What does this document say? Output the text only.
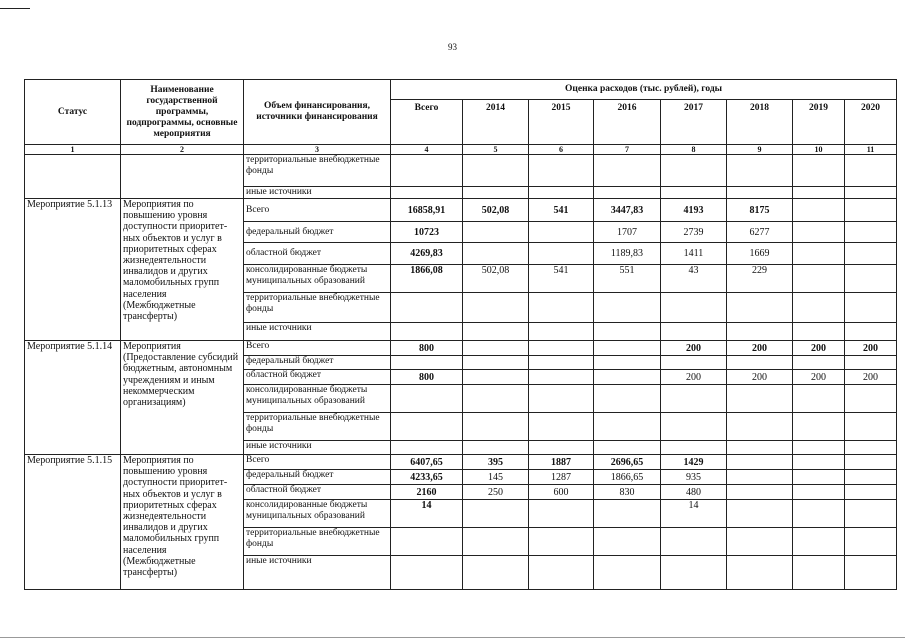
93
Статус	Наименование государственной программы, подпрограммы, основные мероприятия	Объем финансирования, источники финансирования	Оценка расходов (тыс. рублей), годы							
			Всего	2014	2015	2016	2017	2018	2019	2020
1	2	3	4	5	6	7	8	9	10	11
		территориальные внебюджетные фонды								
		иные источники								
Мероприятие 5.1.13	Мероприятия по повышению уровня доступности приоритет-ных объектов и услуг в приоритетных сферах жизнедеятельности инвалидов и других маломобильных групп населения (Межбюджетные трансферты)	Всего	16858,91	502,08	541	3447,83	4193	8175		
		федеральный бюджет	10723			1707	2739	6277		
		областной бюджет	4269,83			1189,83	1411	1669		
		консолидированные бюджеты муниципальных образований	1866,08	502,08	541	551	43	229		
		территориальные внебюджетные фонды								
		иные источники								
Мероприятие 5.1.14	Мероприятия (Предоставление субсидий бюджетным, автономным учреждениям и иным некоммерческим организациям)	Всего	800				200	200	200	200
		федеральный бюджет								
		областной бюджет	800				200	200	200	200
		консолидированные бюджеты муниципальных образований								
		территориальные внебюджетные фонды								
		иные источники								
Мероприятие 5.1.15	Мероприятия по повышению уровня доступности приоритет-ных объектов и услуг в приоритетных сферах жизнедеятельности инвалидов и других маломобильных групп населения (Межбюджетные трансферты)	Всего	6407,65	395	1887	2696,65	1429			
		федеральный бюджет	4233,65	145	1287	1866,65	935			
		областной бюджет	2160	250	600	830	480			
		консолидированные бюджеты муниципальных образований	14				14			
		территориальные внебюджетные фонды								
		иные источники								
